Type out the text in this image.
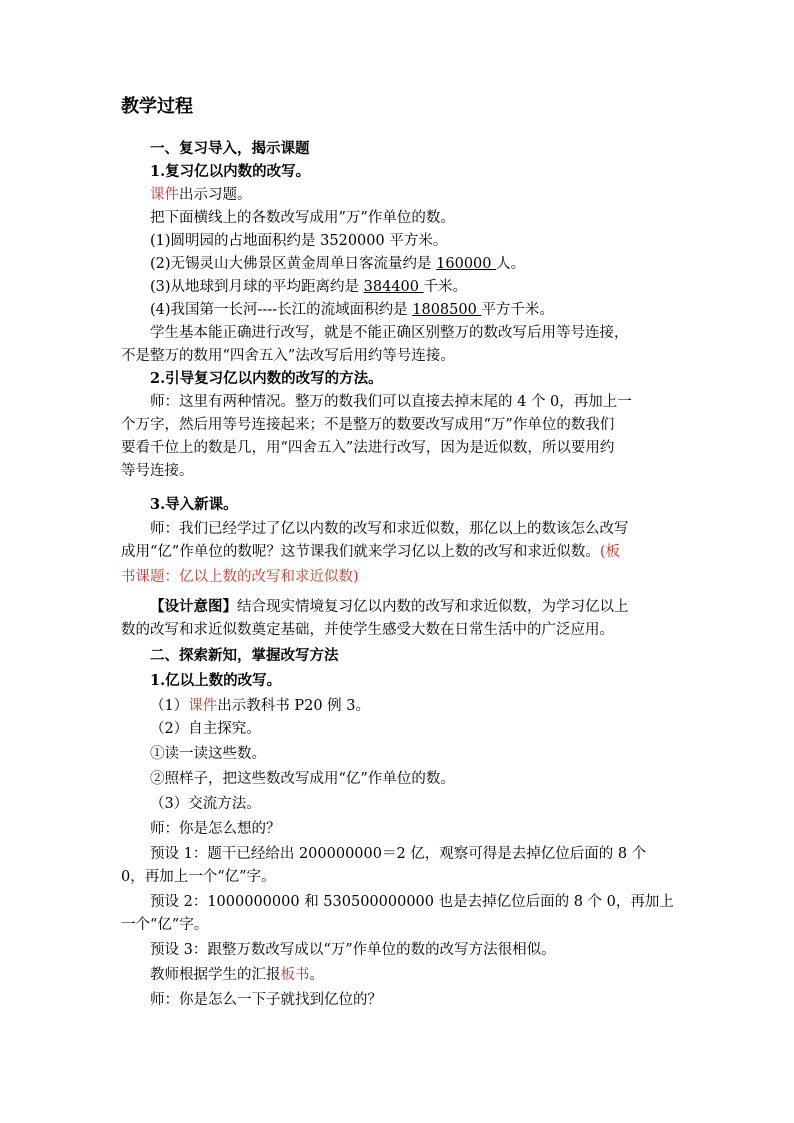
教学过程
一、复习导入，揭示课题
1.复习亿以内数的改写。
课件出示习题。
把下面横线上的各数改写成用”万”作单位的数。
(1)圆明园的占地面积约是 3520000 平方米。
(2)无锡灵山大佛景区黄金周单日客流量约是 160000 人。
(3)从地球到月球的平均距离约是 384400 千米。
(4)我国第一长河----长江的流域面积约是 1808500 平方千米。
学生基本能正确进行改写，就是不能正确区别整万的数改写后用等号连接，
不是整万的数用“四舍五入”法改写后用约等号连接。
2.引导复习亿以内数的改写的方法。
师：这里有两种情况。整万的数我们可以直接去掉末尾的 4 个 0，再加上一
个万字，然后用等号连接起来；不是整万的数要改写成用“万”作单位的数我们
要看千位上的数是几，用“四舍五入”法进行改写，因为是近似数，所以要用约
等号连接。
3.导入新课。
师：我们已经学过了亿以内数的改写和求近似数，那亿以上的数该怎么改写
成用“亿”作单位的数呢？这节课我们就来学习亿以上数的改写和求近似数。(板
书课题：亿以上数的改写和求近似数)
【设计意图】结合现实情境复习亿以内数的改写和求近似数，为学习亿以上
数的改写和求近似数奠定基础，并使学生感受大数在日常生活中的广泛应用。
二、探索新知，掌握改写方法
1.亿以上数的改写。
（1）课件出示教科书 P20 例 3。
（2）自主探究。
①读一读这些数。
②照样子，把这些数改写成用“亿”作单位的数。
（3）交流方法。
师：你是怎么想的？
预设 1：题干已经给出 200000000＝2 亿，观察可得是去掉亿位后面的 8 个
0，再加上一个“亿”字。
预设 2：1000000000 和 530500000000 也是去掉亿位后面的 8 个 0，再加上
一个“亿”字。
预设 3：跟整万数改写成以“万”作单位的数的改写方法很相似。
教师根据学生的汇报板书。
师：你是怎么一下子就找到亿位的？
